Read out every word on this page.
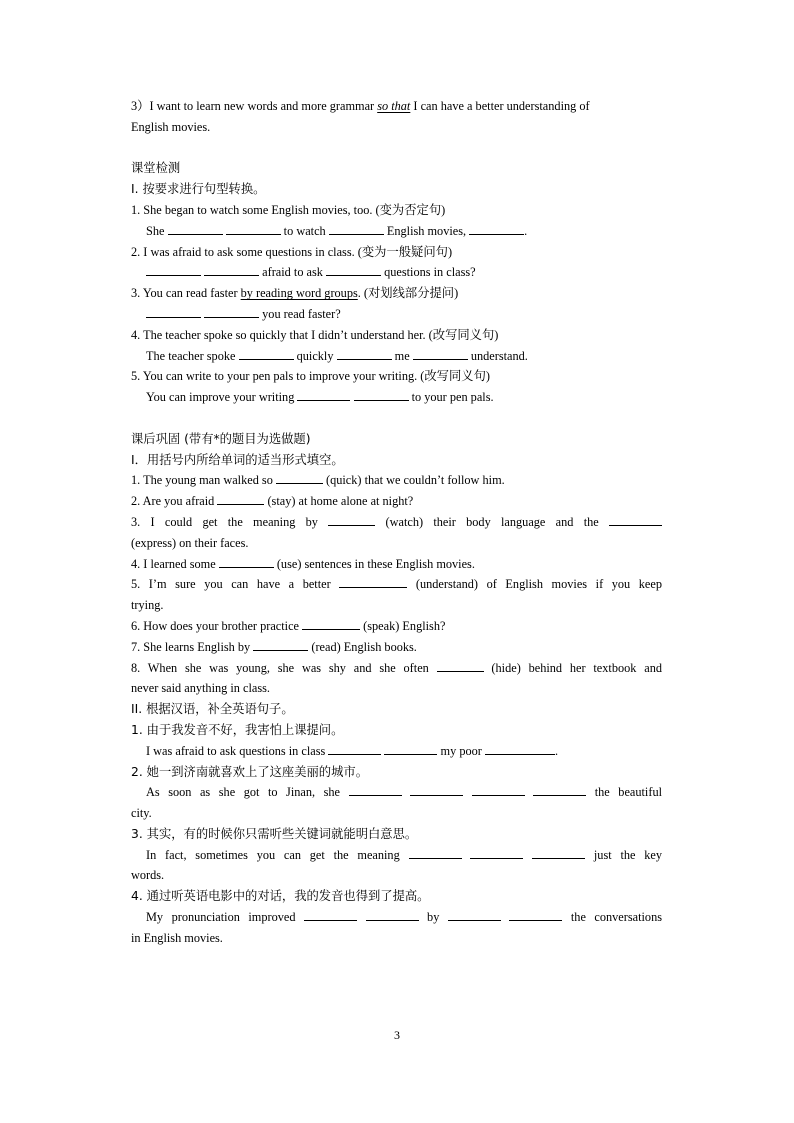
3）I want to learn new words and more grammar so that I can have a better understanding of
English movies.
课堂检测
I. 按要求进行句型转换。
1. She began to watch some English movies, too. (变为否定句)
She	to watch	English movies,	.
2. I was afraid to ask some questions in class. (变为一般疑问句)
afraid to ask	questions in class?
3. You can read faster by reading word groups. (对划线部分提问)
you read faster?
4. The teacher spoke so quickly that I didn’t understand her. (改写同义句)
The teacher spoke	quickly	me	understand.
5. You can write to your pen pals to improve your writing. (改写同义句)
You can improve your writing	to your pen pals.
课后巩固 (带有*的题目为选做题)
I．用括号内所给单词的适当形式填空。
1. The young man walked so	(quick) that we couldn’t follow him.
2. Are you afraid	(stay) at home alone at night?
3. I could get the meaning by	(watch) their body language and the
(express) on their faces.
4. I learned some	(use) sentences in these English movies.
5. I’m sure you can have a better	(understand) of English movies if you keep
trying.
6. How does your brother practice	(speak) English?
7. She learns English by	(read) English books.
8. When she was young, she was shy and she often	(hide) behind her textbook and
never said anything in class.
II. 根据汉语，补全英语句子。
1. 由于我发音不好，我害怕上课提问。
I was afraid to ask questions in class	my poor	.
2. 她一到济南就喜欢上了这座美丽的城市。
As soon as she got to Jinan, she	the beautiful
city.
3. 其实，有的时候你只需听些关键词就能明白意思。
In fact, sometimes you can get the meaning	just the key
words.
4. 通过听英语电影中的对话，我的发音也得到了提高。
My pronunciation improved	by	the conversations
in English movies.
3
